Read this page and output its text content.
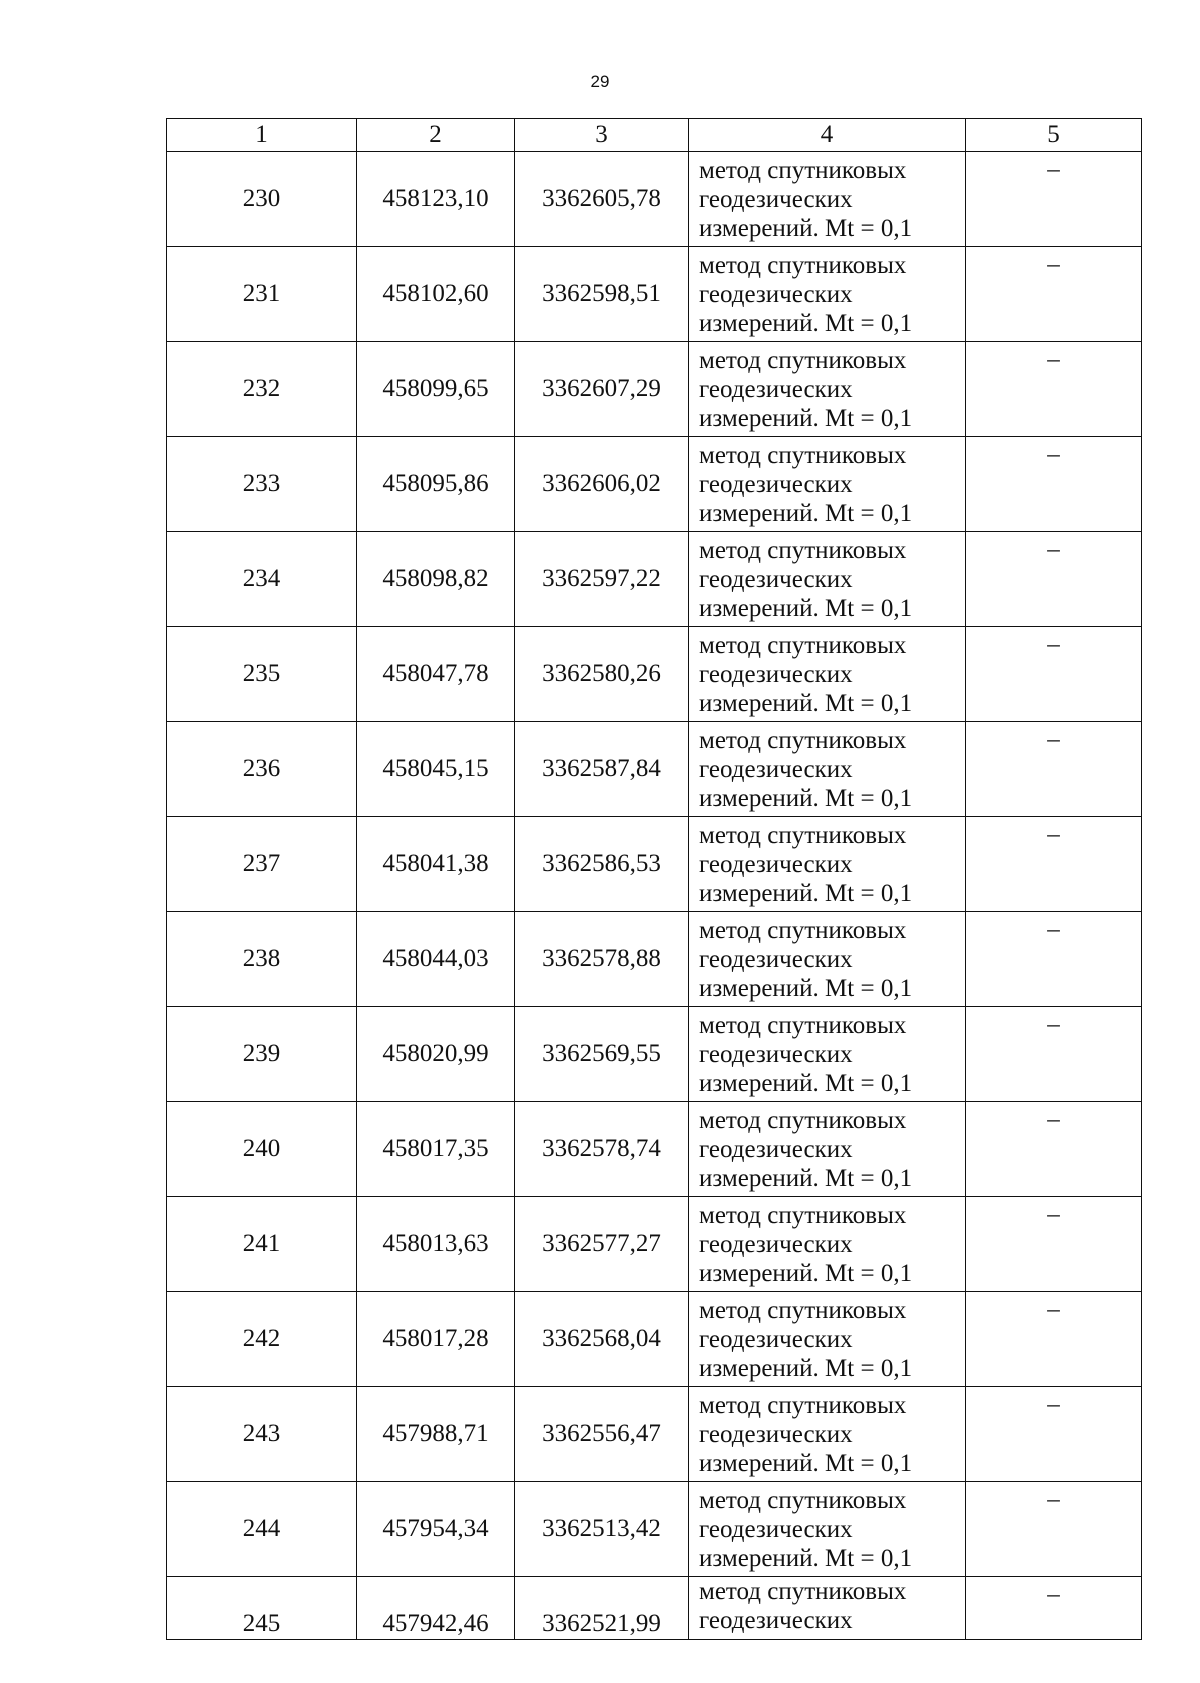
29
1	2	3	4	5
230	458123,10	3362605,78	метод спутниковых
геодезических
измерений. Mt = 0,1	–
231	458102,60	3362598,51	метод спутниковых
геодезических
измерений. Mt = 0,1	–
232	458099,65	3362607,29	метод спутниковых
геодезических
измерений. Mt = 0,1	–
233	458095,86	3362606,02	метод спутниковых
геодезических
измерений. Mt = 0,1	–
234	458098,82	3362597,22	метод спутниковых
геодезических
измерений. Mt = 0,1	–
235	458047,78	3362580,26	метод спутниковых
геодезических
измерений. Mt = 0,1	–
236	458045,15	3362587,84	метод спутниковых
геодезических
измерений. Mt = 0,1	–
237	458041,38	3362586,53	метод спутниковых
геодезических
измерений. Mt = 0,1	–
238	458044,03	3362578,88	метод спутниковых
геодезических
измерений. Mt = 0,1	–
239	458020,99	3362569,55	метод спутниковых
геодезических
измерений. Mt = 0,1	–
240	458017,35	3362578,74	метод спутниковых
геодезических
измерений. Mt = 0,1	–
241	458013,63	3362577,27	метод спутниковых
геодезических
измерений. Mt = 0,1	–
242	458017,28	3362568,04	метод спутниковых
геодезических
измерений. Mt = 0,1	–
243	457988,71	3362556,47	метод спутниковых
геодезических
измерений. Mt = 0,1	–
244	457954,34	3362513,42	метод спутниковых
геодезических
измерений. Mt = 0,1	–
245	457942,46	3362521,99	метод спутниковых
геодезических	–
